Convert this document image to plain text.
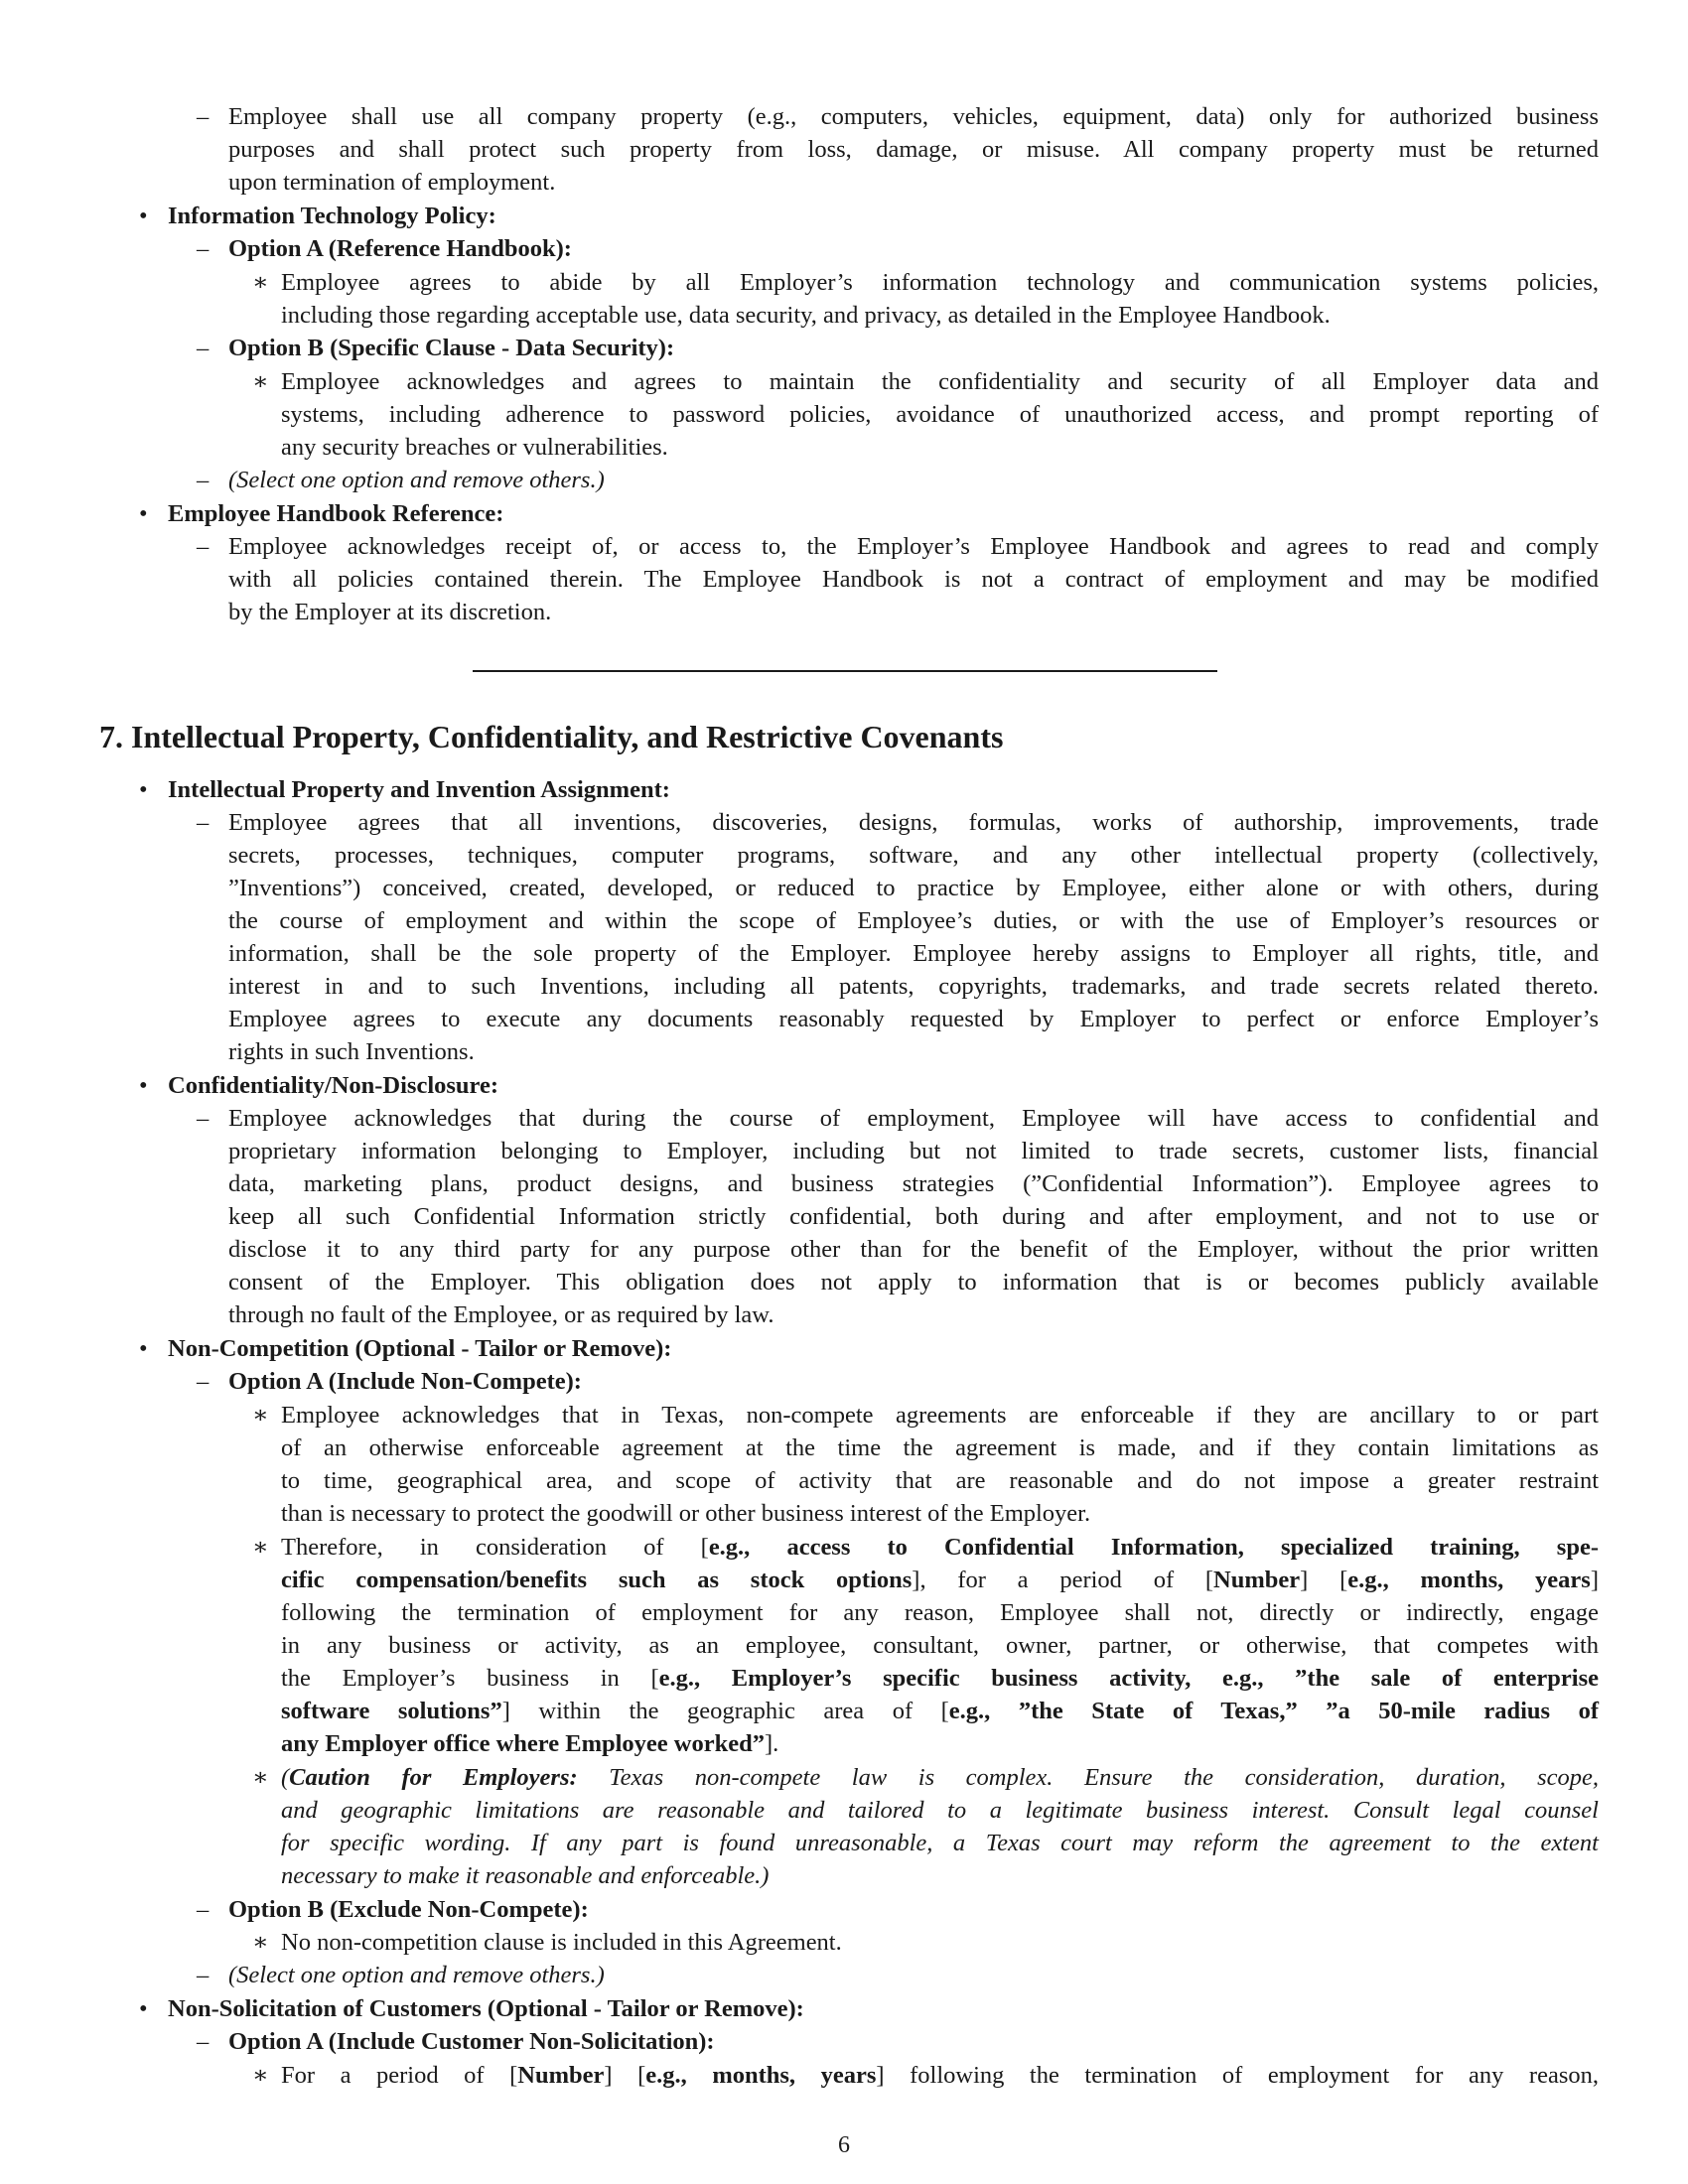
– Employee shall use all company property (e.g., computers, vehicles, equipment, data) only for authorized business
purposes and shall protect such property from loss, damage, or misuse. All company property must be returned
upon termination of employment.
• Information Technology Policy:
– Option A (Reference Handbook):
∗ Employee agrees to abide by all Employer’s information technology and communication systems policies,
including those regarding acceptable use, data security, and privacy, as detailed in the Employee Handbook.
– Option B (Specific Clause - Data Security):
∗ Employee acknowledges and agrees to maintain the confidentiality and security of all Employer data and
systems, including adherence to password policies, avoidance of unauthorized access, and prompt reporting of
any security breaches or vulnerabilities.
– (Select one option and remove others.)
• Employee Handbook Reference:
– Employee acknowledges receipt of, or access to, the Employer’s Employee Handbook and agrees to read and comply
with all policies contained therein. The Employee Handbook is not a contract of employment and may be modified
by the Employer at its discretion.
7. Intellectual Property, Confidentiality, and Restrictive Covenants
• Intellectual Property and Invention Assignment:
– Employee agrees that all inventions, discoveries, designs, formulas, works of authorship, improvements, trade
secrets, processes, techniques, computer programs, software, and any other intellectual property (collectively,
”Inventions”) conceived, created, developed, or reduced to practice by Employee, either alone or with others, during
the course of employment and within the scope of Employee’s duties, or with the use of Employer’s resources or
information, shall be the sole property of the Employer. Employee hereby assigns to Employer all rights, title, and
interest in and to such Inventions, including all patents, copyrights, trademarks, and trade secrets related thereto.
Employee agrees to execute any documents reasonably requested by Employer to perfect or enforce Employer’s
rights in such Inventions.
• Confidentiality/Non-Disclosure:
– Employee acknowledges that during the course of employment, Employee will have access to confidential and
proprietary information belonging to Employer, including but not limited to trade secrets, customer lists, financial
data, marketing plans, product designs, and business strategies (”Confidential Information”). Employee agrees to
keep all such Confidential Information strictly confidential, both during and after employment, and not to use or
disclose it to any third party for any purpose other than for the benefit of the Employer, without the prior written
consent of the Employer. This obligation does not apply to information that is or becomes publicly available
through no fault of the Employee, or as required by law.
• Non-Competition (Optional - Tailor or Remove):
– Option A (Include Non-Compete):
∗ Employee acknowledges that in Texas, non-compete agreements are enforceable if they are ancillary to or part
of an otherwise enforceable agreement at the time the agreement is made, and if they contain limitations as
to time, geographical area, and scope of activity that are reasonable and do not impose a greater restraint
than is necessary to protect the goodwill or other business interest of the Employer.
∗ Therefore, in consideration of [e.g., access to Confidential Information, specialized training, spe-
cific compensation/benefits such as stock options], for a period of [Number] [e.g., months, years]
following the termination of employment for any reason, Employee shall not, directly or indirectly, engage
in any business or activity, as an employee, consultant, owner, partner, or otherwise, that competes with
the Employer’s business in [e.g., Employer’s specific business activity, e.g., ”the sale of enterprise
software solutions”] within the geographic area of [e.g., ”the State of Texas,” ”a 50-mile radius of
any Employer office where Employee worked”].
∗ (Caution for Employers: Texas non-compete law is complex. Ensure the consideration, duration, scope,
and geographic limitations are reasonable and tailored to a legitimate business interest. Consult legal counsel
for specific wording. If any part is found unreasonable, a Texas court may reform the agreement to the extent
necessary to make it reasonable and enforceable.)
– Option B (Exclude Non-Compete):
∗ No non-competition clause is included in this Agreement.
– (Select one option and remove others.)
• Non-Solicitation of Customers (Optional - Tailor or Remove):
– Option A (Include Customer Non-Solicitation):
∗ For a period of [Number] [e.g., months, years] following the termination of employment for any reason,
6
